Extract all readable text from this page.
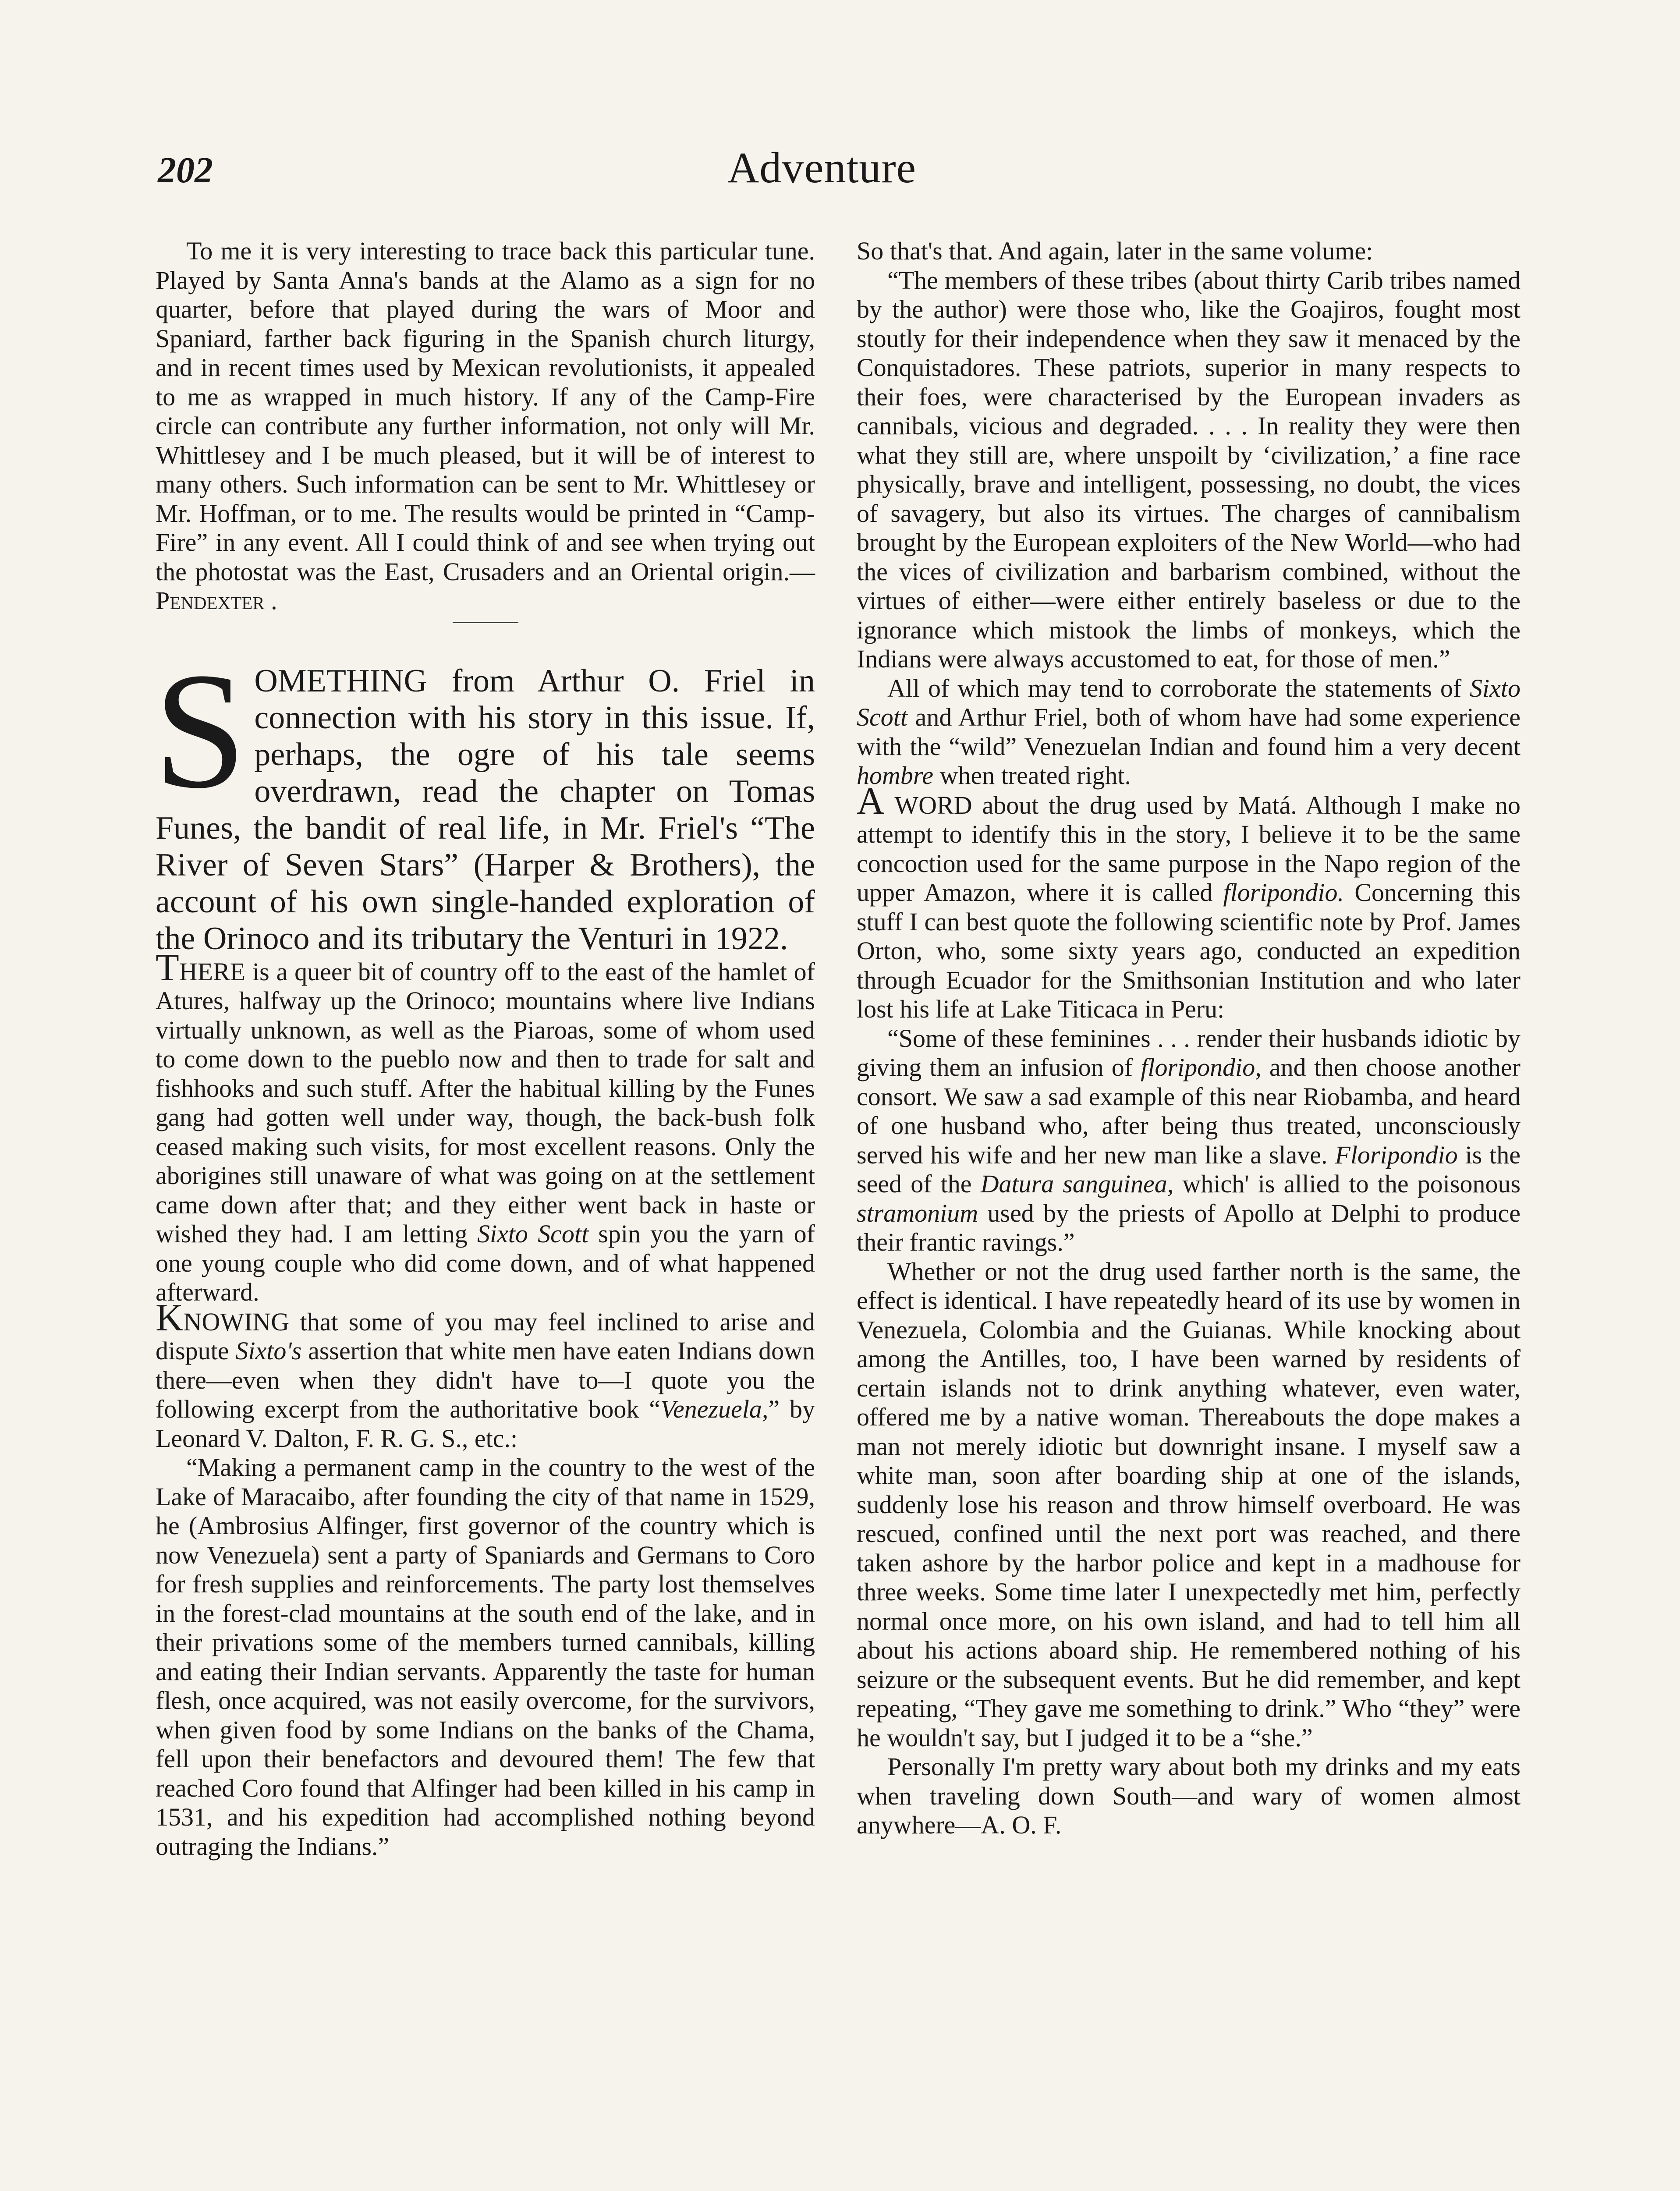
202	Adventure

To me it is very interesting to trace back this particular tune. Played by Santa Anna's bands at the Alamo as a sign for no quarter, before that played during the wars of Moor and Spaniard, farther back figuring in the Spanish church liturgy, and in recent times used by Mexican revolutionists, it appealed to me as wrapped in much history. If any of the Camp-Fire circle can contribute any further information, not only will Mr. Whittlesey and I be much pleased, but it will be of interest to many others. Such information can be sent to Mr. Whittlesey or Mr. Hoffman, or to me. The results would be printed in “Camp-Fire” in any event. All I could think of and see when trying out the photostat was the East, Crusaders and an Oriental origin.—Pendexter .

SOMETHING from Arthur O. Friel in connection with his story in this issue. If, perhaps, the ogre of his tale seems overdrawn, read the chapter on Tomas Funes, the bandit of real life, in Mr. Friel's “The River of Seven Stars” (Harper & Brothers), the account of his own single-handed exploration of the Orinoco and its tributary the Venturi in 1922.

THERE is a queer bit of country off to the east of the hamlet of Atures, halfway up the Orinoco; mountains where live Indians virtually unknown, as well as the Piaroas, some of whom used to come down to the pueblo now and then to trade for salt and fishhooks and such stuff. After the habitual killing by the Funes gang had gotten well under way, though, the back-bush folk ceased making such visits, for most excellent reasons. Only the aborigines still unaware of what was going on at the settlement came down after that; and they either went back in haste or wished they had. I am letting Sixto Scott spin you the yarn of one young couple who did come down, and of what happened afterward.

KNOWING that some of you may feel inclined to arise and dispute Sixto's assertion that white men have eaten Indians down there—even when they didn't have to—I quote you the following excerpt from the authoritative book “Venezuela,” by Leonard V. Dalton, F. R. G. S., etc.:

“Making a permanent camp in the country to the west of the Lake of Maracaibo, after founding the city of that name in 1529, he (Ambrosius Alfinger, first governor of the country which is now Venezuela) sent a party of Spaniards and Germans to Coro for fresh supplies and reinforcements. The party lost themselves in the forest-clad mountains at the south end of the lake, and in their privations some of the members turned cannibals, killing and eating their Indian servants. Apparently the taste for human flesh, once acquired, was not easily overcome, for the survivors, when given food by some Indians on the banks of the Chama, fell upon their benefactors and devoured them! The few that reached Coro found that Alfinger had been killed in his camp in 1531, and his expedition had accomplished nothing beyond outraging the Indians.”

So that's that. And again, later in the same volume:

“The members of these tribes (about thirty Carib tribes named by the author) were those who, like the Goajiros, fought most stoutly for their independence when they saw it menaced by the Conquistadores. These patriots, superior in many respects to their foes, were characterised by the European invaders as cannibals, vicious and degraded. . . . In reality they were then what they still are, where unspoilt by ‘civilization,’ a fine race physically, brave and intelligent, possessing, no doubt, the vices of savagery, but also its virtues. The charges of cannibalism brought by the European exploiters of the New World—who had the vices of civilization and barbarism combined, without the virtues of either—were either entirely baseless or due to the ignorance which mistook the limbs of monkeys, which the Indians were always accustomed to eat, for those of men.”

All of which may tend to corroborate the statements of Sixto Scott and Arthur Friel, both of whom have had some experience with the “wild” Venezuelan Indian and found him a very decent hombre when treated right.

A WORD about the drug used by Matá. Although I make no attempt to identify this in the story, I believe it to be the same concoction used for the same purpose in the Napo region of the upper Amazon, where it is called floripondio. Concerning this stuff I can best quote the following scientific note by Prof. James Orton, who, some sixty years ago, conducted an expedition through Ecuador for the Smithsonian Institution and who later lost his life at Lake Titicaca in Peru:

“Some of these feminines . . . render their husbands idiotic by giving them an infusion of floripondio, and then choose another consort. We saw a sad example of this near Riobamba, and heard of one husband who, after being thus treated, unconsciously served his wife and her new man like a slave. Floripondio is the seed of the Datura sanguinea, which' is allied to the poisonous stramonium used by the priests of Apollo at Delphi to produce their frantic ravings.”

Whether or not the drug used farther north is the same, the effect is identical. I have repeatedly heard of its use by women in Venezuela, Colombia and the Guianas. While knocking about among the Antilles, too, I have been warned by residents of certain islands not to drink anything whatever, even water, offered me by a native woman. Thereabouts the dope makes a man not merely idiotic but downright insane. I myself saw a white man, soon after boarding ship at one of the islands, suddenly lose his reason and throw himself overboard. He was rescued, confined until the next port was reached, and there taken ashore by the harbor police and kept in a madhouse for three weeks. Some time later I unexpectedly met him, perfectly normal once more, on his own island, and had to tell him all about his actions aboard ship. He remembered nothing of his seizure or the subsequent events. But he did remember, and kept repeating, “They gave me something to drink.” Who “they” were he wouldn't say, but I judged it to be a “she.”

Personally I'm pretty wary about both my drinks and my eats when traveling down South—and wary of women almost anywhere—A. O. F.
